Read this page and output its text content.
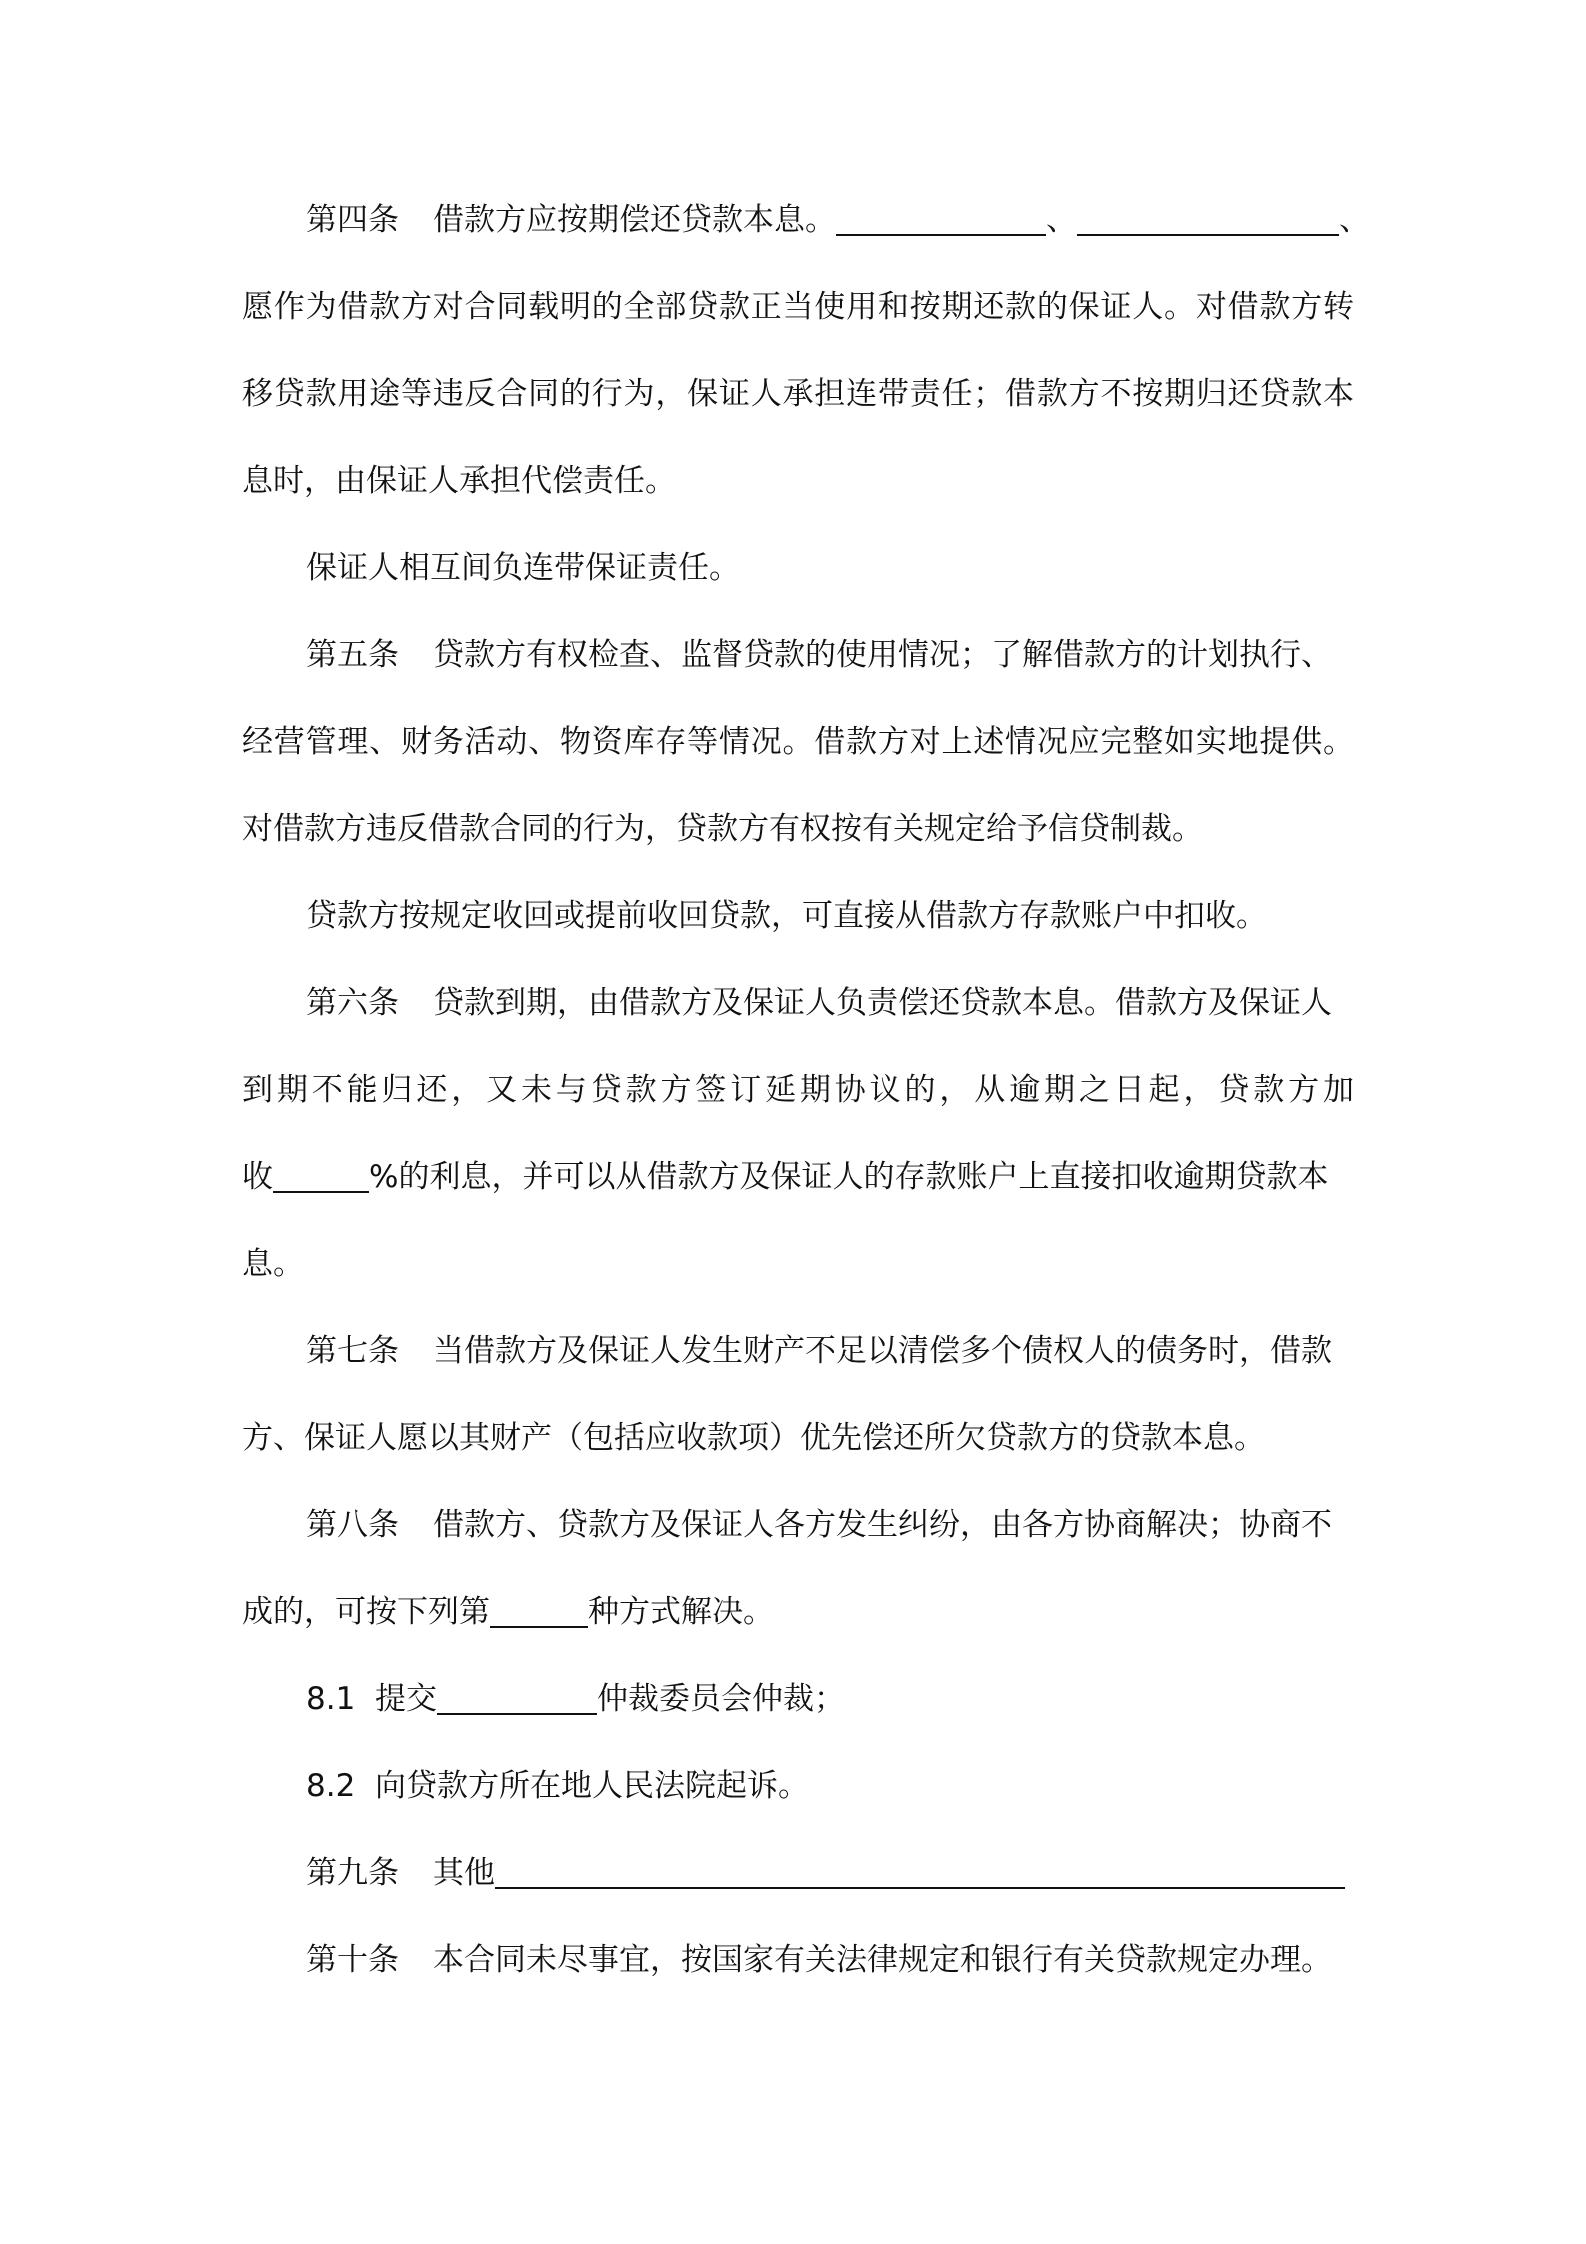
第四条 借款方应按期偿还贷款本息。	、	、
愿作为借款方对合同载明的全部贷款正当使用和按期还款的保证人。对借款方转
移贷款用途等违反合同的行为，保证人承担连带责任；借款方不按期归还贷款本
息时，由保证人承担代偿责任。
保证人相互间负连带保证责任。
第五条 贷款方有权检查、监督贷款的使用情况；了解借款方的计划执行、
经营管理、财务活动、物资库存等情况。借款方对上述情况应完整如实地提供。
对借款方违反借款合同的行为，贷款方有权按有关规定给予信贷制裁。
贷款方按规定收回或提前收回贷款，可直接从借款方存款账户中扣收。
第六条 贷款到期，由借款方及保证人负责偿还贷款本息。借款方及保证人
到期不能归还，又未与贷款方签订延期协议的，从逾期之日起，贷款方加
收	%的利息，并可以从借款方及保证人的存款账户上直接扣收逾期贷款本
息。
第七条 当借款方及保证人发生财产不足以清偿多个债权人的债务时，借款
方、保证人愿以其财产（包括应收款项）优先偿还所欠贷款方的贷款本息。
第八条 借款方、贷款方及保证人各方发生纠纷，由各方协商解决；协商不
成的，可按下列第	种方式解决。
8.1 提交	仲裁委员会仲裁；
8.2 向贷款方所在地人民法院起诉。
第九条 其他
第十条 本合同未尽事宜，按国家有关法律规定和银行有关贷款规定办理。
